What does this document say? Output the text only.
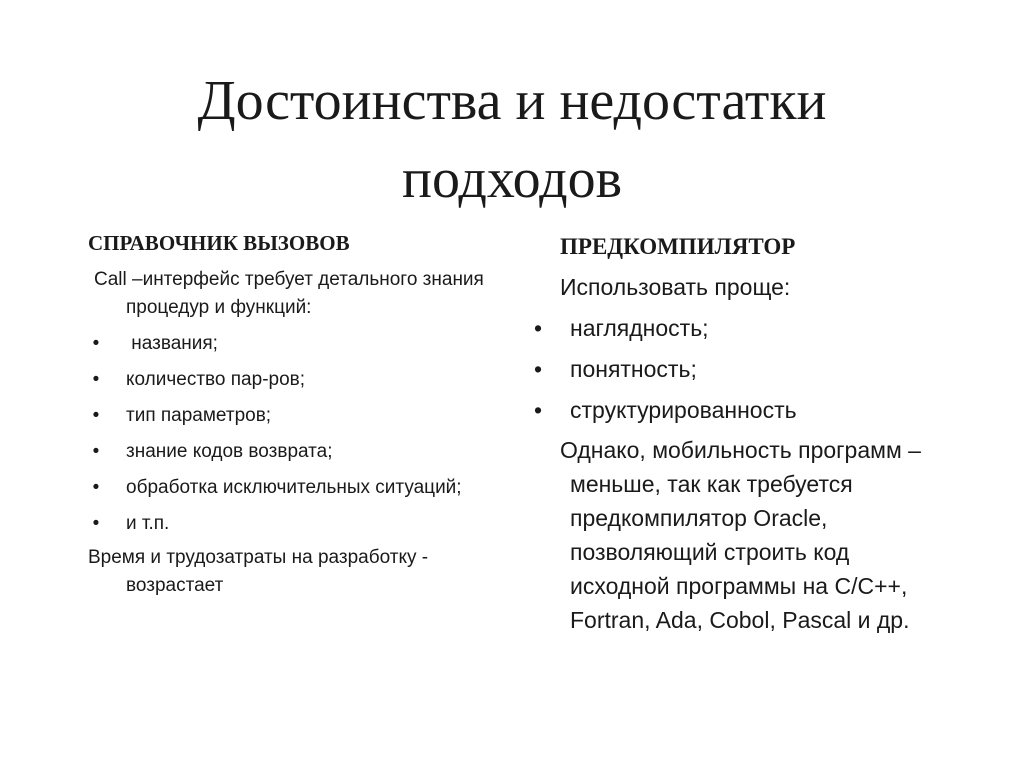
Достоинства и недостатки
подходов

СПРАВОЧНИК ВЫЗОВОВ

Call –интерфейс требует детального знания процедур и функций:

• названия;
• количество пар-ров;
• тип параметров;
• знание кодов возврата;
• обработка исключительных ситуаций;
• и т.п.

Время и трудозатраты на разработку - возрастает

ПРЕДКОМПИЛЯТОР

Использовать проще:

• наглядность;
• понятность;
• структурированность

Однако, мобильность программ – меньше, так как требуется предкомпилятор Oracle, позволяющий строить код исходной программы на C/C++, Fortran, Ada, Cobol, Pascal и др.
